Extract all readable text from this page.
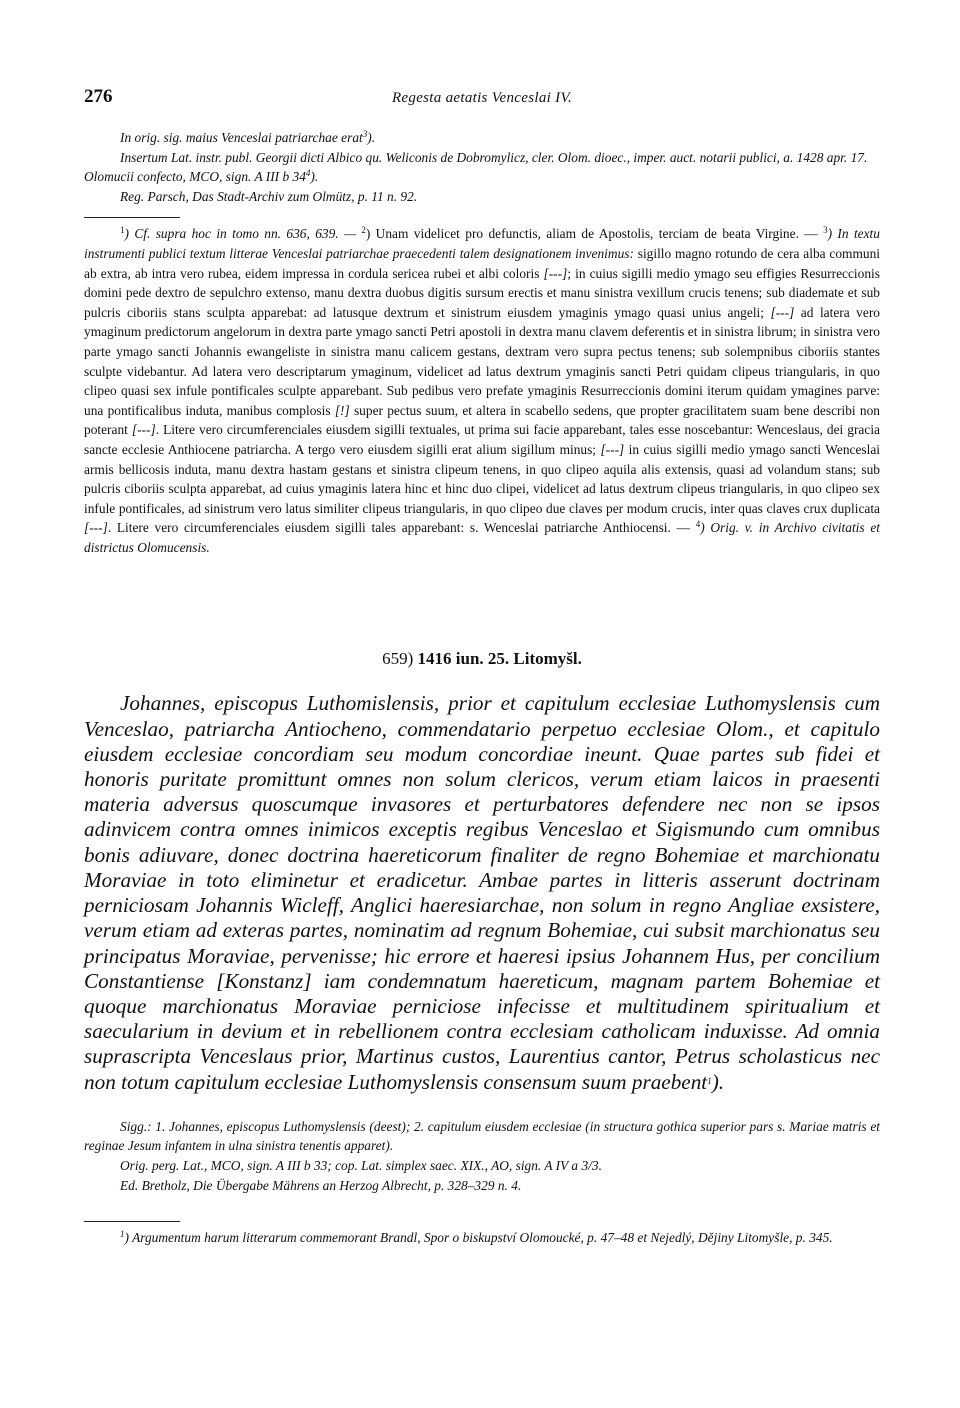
276	Regesta aetatis Venceslai IV.

In orig. sig. maius Venceslai patriarchae erat$^3$).

Insertum Lat. instr. publ. Georgii dicti Albico qu. Weliconis de Dobromylicz, cler. Olom. dioec., imper. auct. notarii publici, a. 1428 apr. 17. Olomucii confecto, MCO, sign. A III b $34^4$).

Reg. Parsch, Das Stadt-Archiv zum Olmütz, p. 11 n. 92.

$^1$) Cf. supra hoc in tomo nn. 636, 639. — $^2$) Unam videlicet pro defunctis, aliam de Apostolis, terciam de beata Virgine. — $^3$) In textu instrumenti publici textum litterae Venceslai patriarchae praecedenti talem designationem invenimus: sigillo magno rotundo de cera alba communi ab extra, ab intra vero rubea, eidem impressa in cordula sericea rubei et albi coloris [---]; in cuius sigilli medio ymago seu effigies Resurreccionis domini pede dextro de sepulchro extenso, manu dextra duobus digitis sursum erectis et manu sinistra vexillum crucis tenens; sub diademate et sub pulcris ciboriis stans sculpta apparebat: ad latusque dextrum et sinistrum eiusdem ymaginis ymago quasi unius angeli; [---] ad latera vero ymaginum predictorum angelorum in dextra parte ymago sancti Petri apostoli in dextra manu clavem deferentis et in sinistra librum; in sinistra vero parte ymago sancti Johannis ewangeliste in sinistra manu calicem gestans, dextram vero supra pectus tenens; sub solempnibus ciboriis stantes sculpte videbantur. Ad latera vero descriptarum ymaginum, videlicet ad latus dextrum ymaginis sancti Petri quidam clipeus triangularis, in quo clipeo quasi sex infule pontificales sculpte apparebant. Sub pedibus vero prefate ymaginis Resurreccionis domini iterum quidam ymagines parve: una pontificalibus induta, manibus complosis [!] super pectus suum, et altera in scabello sedens, que propter gracilitatem suam bene describi non poterant [---]. Litere vero circumferenciales eiusdem sigilli textuales, ut prima sui facie apparebant, tales esse noscebantur: Wenceslaus, dei gracia sancte ecclesie Anthiocene patriarcha. A tergo vero eiusdem sigilli erat alium sigillum minus; [---] in cuius sigilli medio ymago sancti Wenceslai armis bellicosis induta, manu dextra hastam gestans et sinistra clipeum tenens, in quo clipeo aquila alis extensis, quasi ad volandum stans; sub pulcris ciboriis sculpta apparebat, ad cuius ymaginis latera hinc et hinc duo clipei, videlicet ad latus dextrum clipeus triangularis, in quo clipeo sex infule pontificales, ad sinistrum vero latus similiter clipeus triangularis, in quo clipeo due claves per modum crucis, inter quas claves crux duplicata [---]. Litere vero circumferenciales eiusdem sigilli tales apparebant: s. Wenceslai patriarche Anthiocensi. — $^4$) Orig. v. in Archivo civitatis et districtus Olomucensis.

659) 1416 iun. 25. Litomyšl.

Johannes, episcopus Luthomislensis, prior et capitulum ecclesiae Luthomyslensis cum Venceslao, patriarcha Antiocheno, commendatario perpetuo ecclesiae Olom., et capitulo eiusdem ecclesiae concordiam seu modum concordiae ineunt. Quae partes sub fidei et honoris puritate promittunt omnes non solum clericos, verum etiam laicos in praesenti materia adversus quoscumque invasores et perturbatores defendere nec non se ipsos adinvicem contra omnes inimicos exceptis regibus Venceslao et Sigismundo cum omnibus bonis adiuvare, donec doctrina haereticorum finaliter de regno Bohemiae et marchionatu Moraviae in toto eliminetur et eradicetur. Ambae partes in litteris asserunt doctrinam perniciosam Johannis Wicleff, Anglici haeresiarchae, non solum in regno Angliae exsistere, verum etiam ad exteras partes, nominatim ad regnum Bohemiae, cui subsit marchionatus seu principatus Moraviae, pervenisse; hic errore et haeresi ipsius Johannem Hus, per concilium Constantiense [Konstanz] iam condemnatum haereticum, magnam partem Bohemiae et quoque marchionatus Moraviae perniciose infecisse et multitudinem spiritualium et saecularium in devium et in rebellionem contra ecclesiam catholicam induxisse. Ad omnia suprascripta Venceslaus prior, Martinus custos, Laurentius cantor, Petrus scholasticus nec non totum capitulum ecclesiae Luthomyslensis consensum suum praebent$^1$).

Sigg.: 1. Johannes, episcopus Luthomyslensis (deest); 2. capitulum eiusdem ecclesiae (in structura gothica superior pars s. Mariae matris et reginae Jesum infantem in ulna sinistra tenentis apparet).

Orig. perg. Lat., MCO, sign. A III b 33; cop. Lat. simplex saec. XIX., AO, sign. A IV a 3/3.

Ed. Bretholz, Die Übergabe Mährens an Herzog Albrecht, p. 328–329 n. 4.

$^1$) Argumentum harum litterarum commemorant Brandl, Spor o biskupství Olomoucké, p. 47–48 et Nejedlý, Dějiny Litomyšle, p. 345.
